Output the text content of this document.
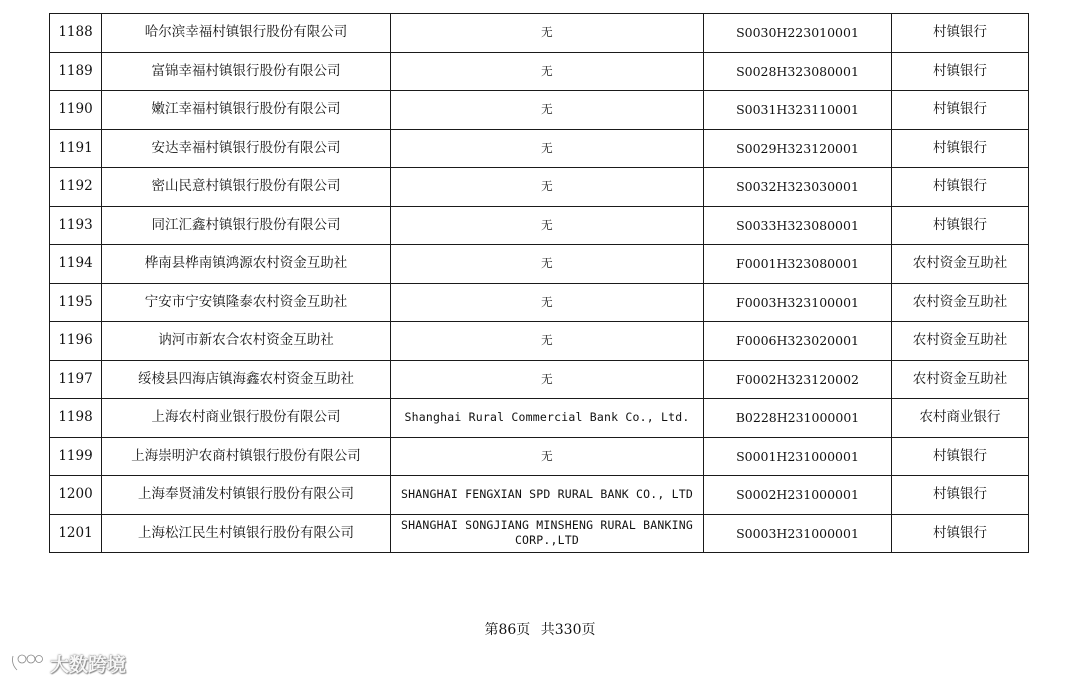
1188	哈尔滨幸福村镇银行股份有限公司	无	S0030H223010001	村镇银行
1189	富锦幸福村镇银行股份有限公司	无	S0028H323080001	村镇银行
1190	嫩江幸福村镇银行股份有限公司	无	S0031H323110001	村镇银行
1191	安达幸福村镇银行股份有限公司	无	S0029H323120001	村镇银行
1192	密山民意村镇银行股份有限公司	无	S0032H323030001	村镇银行
1193	同江汇鑫村镇银行股份有限公司	无	S0033H323080001	村镇银行
1194	桦南县桦南镇鸿源农村资金互助社	无	F0001H323080001	农村资金互助社
1195	宁安市宁安镇隆泰农村资金互助社	无	F0003H323100001	农村资金互助社
1196	讷河市新农合农村资金互助社	无	F0006H323020001	农村资金互助社
1197	绥棱县四海店镇海鑫农村资金互助社	无	F0002H323120002	农村资金互助社
1198	上海农村商业银行股份有限公司	Shanghai Rural Commercial Bank Co., Ltd.	B0228H231000001	农村商业银行
1199	上海崇明沪农商村镇银行股份有限公司	无	S0001H231000001	村镇银行
1200	上海奉贤浦发村镇银行股份有限公司	SHANGHAI FENGXIAN SPD RURAL BANK CO., LTD	S0002H231000001	村镇银行
1201	上海松江民生村镇银行股份有限公司	SHANGHAI SONGJIANG MINSHENG RURAL BANKING CORP.,LTD	S0003H231000001	村镇银行
第86页 共330页
大数跨境
